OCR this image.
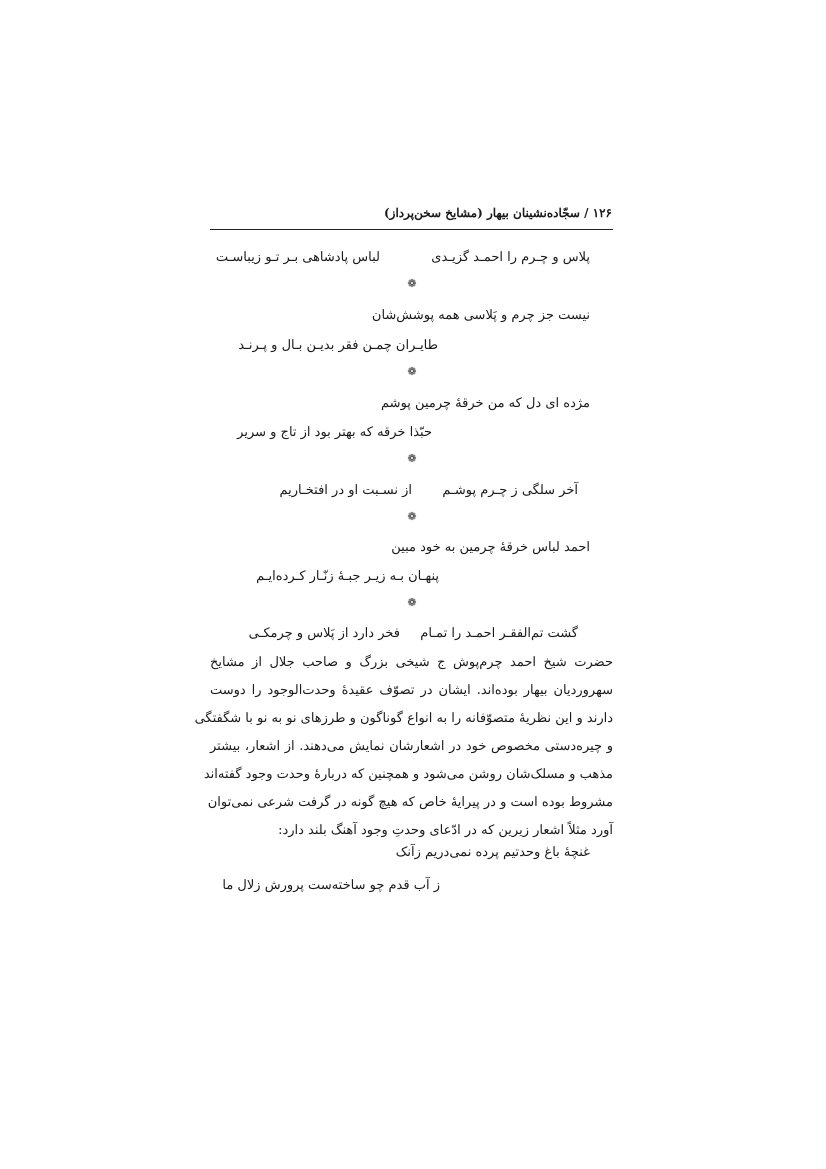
۱۲۶ / سجّاده‌نشینان بیهار (مشایخ سخن‌پرداز)
پلاس و چـرم را احمـد گزیـدی
لباس پادشاهی بـر تـو زیباسـت
❁
نیست جز چرم و پَلاسی همه پوشش‌شان
طایـران چمـن فقر بدیـن بـال و پـرنـد
❁
مژده ای دل که من خرقهٔ چرمین پوشم
حبّذا خرقه که بهتر بود از تاج و سریر
❁
آخر سلگی ز چـرم پوشـم
از نسـبت او در افتخـاریم
❁
احمد لباس خرقهٔ چرمین به خود مبین
پنهـان بـه زیـر جبـهٔ زنّـار کـرده‌ایـم
❁
گشت تم‌الفقـر احمـد را تمـام
فخر دارد از پَلاس و چرمکـی
حضرت شیخ احمد چرم‌پوش‌ ج شیخی بزرگ و صاحب جلال از مشایخ
سهروردیان بیهار بوده‌اند. ایشان در تصوّف عقیدهٔ وحدت‌الوجود را دوست
دارند و این نظریهٔ متصوّفانه را به انواع گوناگون و طرزهای نو به نو با شگفتگی
و چیره‌دستی مخصوص خود در اشعارشان نمایش می‌دهند. از اشعار، بیشتر
مذهب و مسلک‌شان روشن می‌شود و همچنین که دربارهٔ وحدت وجود گفته‌اند
مشروط بوده است و در پیرایهٔ خاص که هیچ گونه در گرفت شرعی نمی‌توان
آورد مثلاً اشعار زیرین که در ادّعای وحدتِ وجود آهنگ بلند دارد:
غنچهٔ باغ وحدتیم پرده نمی‌دریم زآنک
ز آب قدم چو ساخته‌ست پرورش زلال ما
